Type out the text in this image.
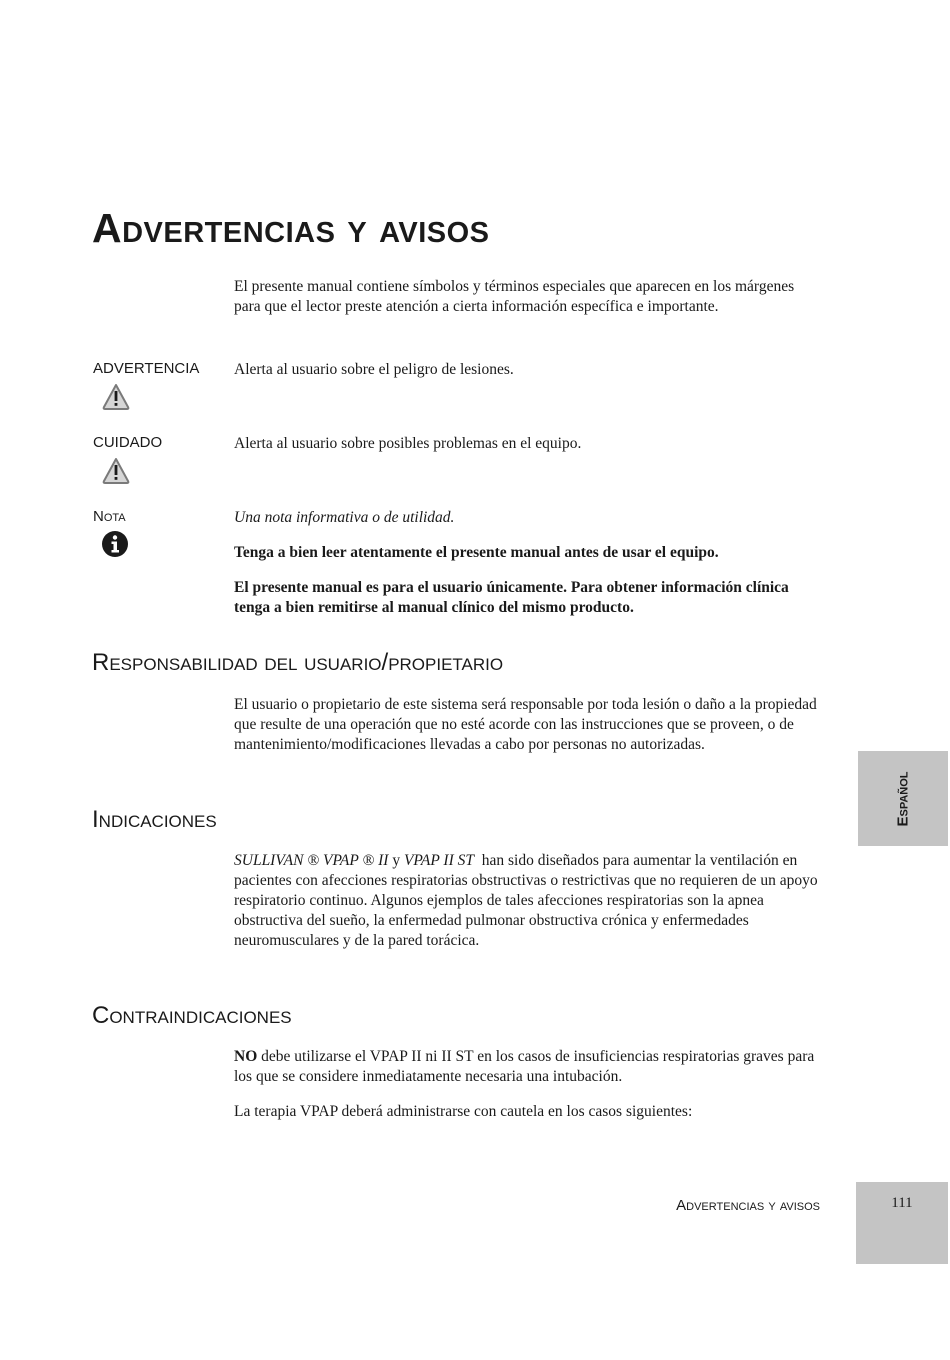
Advertencias y avisos

El presente manual contiene símbolos y términos especiales que aparecen en los márgenes para que el lector preste atención a cierta información específica e importante.

ADVERTENCIA Alerta al usuario sobre el peligro de lesiones.

CUIDADO	Alerta al usuario sobre posibles problemas en el equipo.

Nota	Una nota informativa o de utilidad.

Tenga a bien leer atentamente el presente manual antes de usar el equipo.

El presente manual es para el usuario únicamente. Para obtener información clínica tenga a bien remitirse al manual clínico del mismo producto.

Responsabilidad del usuario/propietario

El usuario o propietario de este sistema será responsable por toda lesión o daño a la propiedad que resulte de una operación que no esté acorde con las instrucciones que se proveen, o de mantenimiento/modificaciones llevadas a cabo por personas no autorizadas.

Indicaciones

SULLIVAN ® VPAP ® II y VPAP II ST han sido diseñados para aumentar la ventilación en pacientes con afecciones respiratorias obstructivas o restrictivas que no requieren de un apoyo respiratorio continuo. Algunos ejemplos de tales afecciones respiratorias son la apnea obstructiva del sueño, la enfermedad pulmonar obstructiva crónica y enfermedades neuromusculares y de la pared torácica.

Contraindicaciones

NO debe utilizarse el VPAP II ni II ST en los casos de insuficiencias respiratorias graves para los que se considere inmediatamente necesaria una intubación.

La terapia VPAP deberá administrarse con cautela en los casos siguientes:

Español
Advertencias y avisos	111
